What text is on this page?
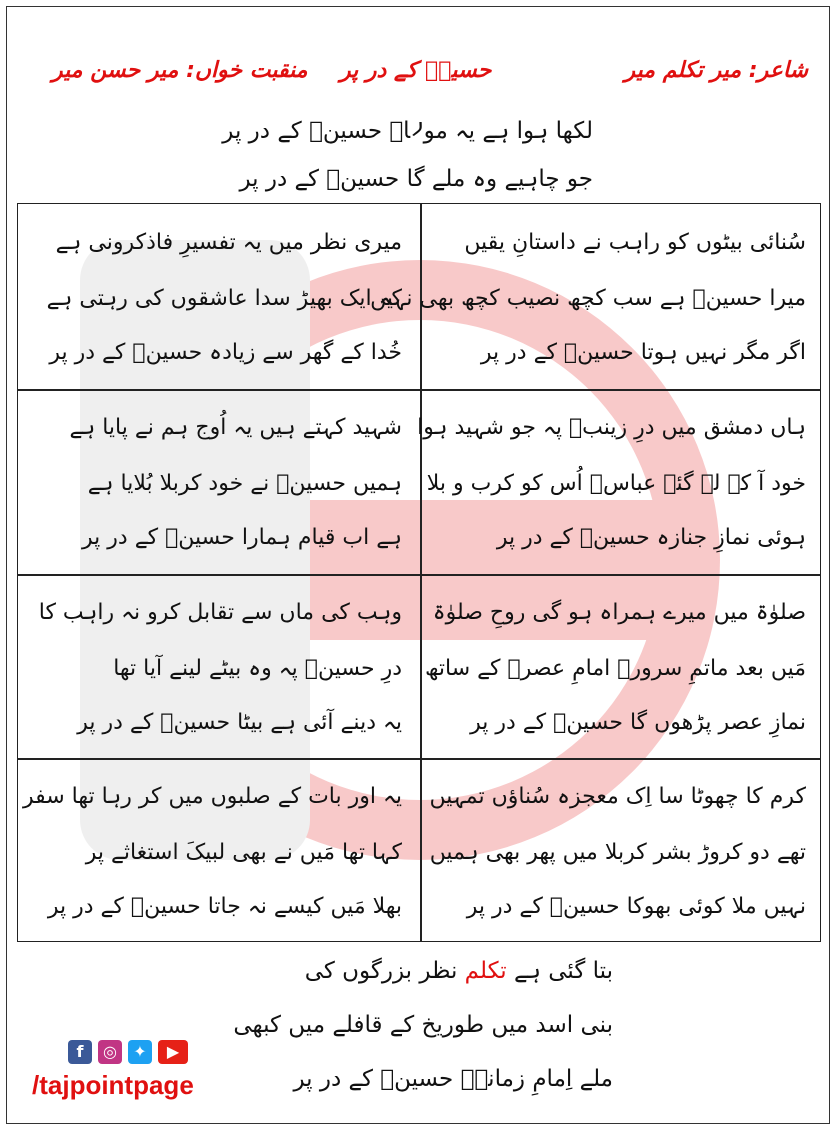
شاعر: میر تکلم میر
حسینؑ کے در پر
منقبت خواں: میر حسن میر
لکھا ہوا ہے یہ مولاؑ حسینؑ کے در پر
جو چاہیے وہ ملے گا حسینؑ کے در پر
سُنائی بیٹوں کو راہب نے داستانِ یقیں
میرا حسینؑ ہے سب کچھ نصیب کچھ بھی نہیں
اگر مگر نہیں ہوتا حسینؑ کے در پر
میری نظر میں یہ تفسیرِ فاذکرونی ہے
کہ ایک بھیڑ سدا عاشقوں کی رہتی ہے
خُدا کے گھر سے زیادہ حسینؑ کے در پر
ہاں دمشق میں درِ زینبؑ پہ جو شہید ہوا
خود آ کے لے گئے عباسؑ اُس کو کرب و بلا
ہوئی نمازِ جنازہ حسینؑ کے در پر
شہید کہتے ہیں یہ اُوج ہم نے پایا ہے
ہمیں حسینؑ نے خود کربلا بُلایا ہے
ہے اب قیام ہمارا حسینؑ کے در پر
صلوٰۃ میں میرے ہمراہ ہو گی روحِ صلوٰۃ
مَیں بعد ماتمِ سرورؑ امامِ عصرؑ کے ساتھ
نمازِ عصر پڑھوں گا حسینؑ کے در پر
وہب کی ماں سے تقابل کرو نہ راہب کا
درِ حسینؑ پہ وہ بیٹے لینے آیا تھا
یہ دینے آئی ہے بیٹا حسینؑ کے در پر
کرم کا چھوٹا سا اِک معجزہ سُناؤں تمہیں
تھے دو کروڑ بشر کربلا میں پھر بھی ہمیں
نہیں ملا کوئی بھوکا حسینؑ کے در پر
یہ اور بات کے صلبوں میں کر رہا تھا سفر
کہا تھا مَیں نے بھی لبیکَ استغاثے پر
بھلا مَیں کیسے نہ جاتا حسینؑ کے در پر
بتا گئی ہے تکلم نظر بزرگوں کی
بنی اسد میں طوریخ کے قافلے میں کبھی
ملے اِمامِ زمانہؑ حسینؑ کے در پر
f	◎	✦	▶
/tajpointpage
